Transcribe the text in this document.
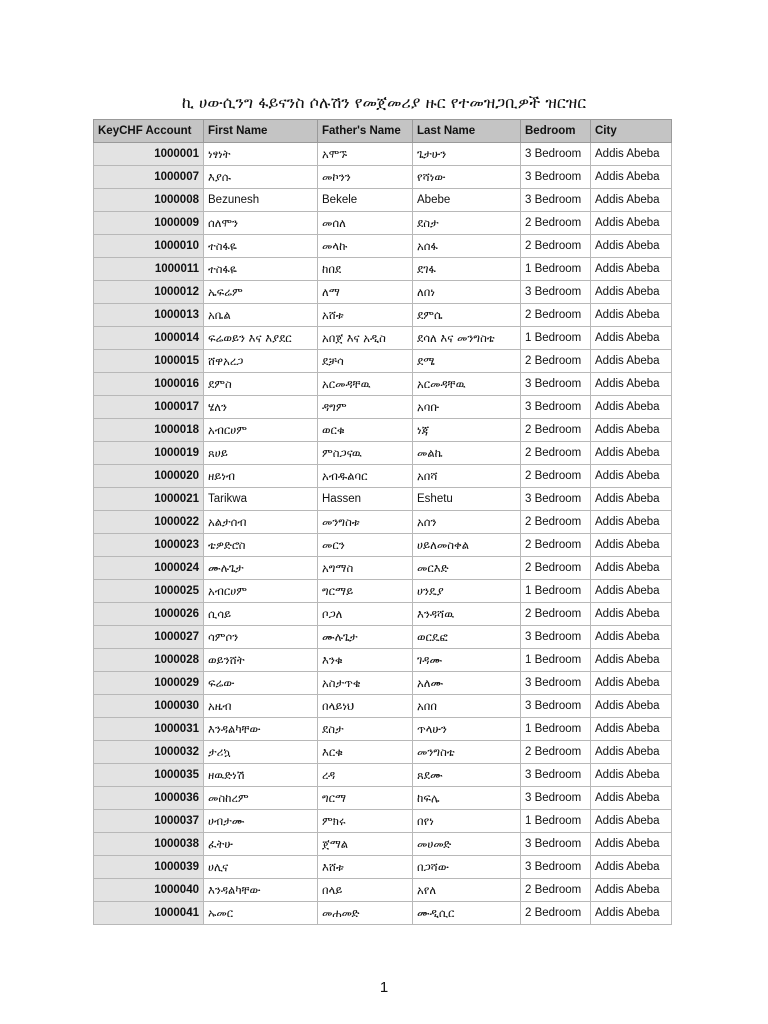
ኪ ሀውሲንግ ፋይናንስ ሶሉሽን የመጀመሪያ ዙር የተመዝጋቢዎች ዝርዝር
KeyCHF Account	First Name	Father's Name	Last Name	Bedroom	City
1000001	ነፃነት	አሞኙ	ጌታሁን	3 Bedroom	Addis Abeba
1000007	እያሱ	መኮንን	የሻነው	3 Bedroom	Addis Abeba
1000008	Bezunesh	Bekele	Abebe	3 Bedroom	Addis Abeba
1000009	ሰለሞን	መሰለ	ደስታ	2 Bedroom	Addis Abeba
1000010	ተስፋዬ	መላኩ	አሰፋ	2 Bedroom	Addis Abeba
1000011	ተስፋዬ	ከበደ	ደገፋ	1 Bedroom	Addis Abeba
1000012	ኤፍሬም	ለማ	ለበነ	3 Bedroom	Addis Abeba
1000013	አቤል	አሸቱ	ደምሴ	2 Bedroom	Addis Abeba
1000014	ፍሬወይን እና እያደር	አበጀ እና አዲስ	ደሳለ እና መንግስቴ	1 Bedroom	Addis Abeba
1000015	ሸዋአረጋ	ደቻሳ	ደሜ	2 Bedroom	Addis Abeba
1000016	ደምስ	አርመዳቸዉ	አርመዳቸዉ	3 Bedroom	Addis Abeba
1000017	ሄለን	ዳግም	አባቡ	3 Bedroom	Addis Abeba
1000018	አብርሀም	ወርቁ	ነጃ	2 Bedroom	Addis Abeba
1000019	ጸሀይ	ምስጋናዉ	መልኬ	2 Bedroom	Addis Abeba
1000020	ዘይነብ	አብዱልባር	አበሻ	2 Bedroom	Addis Abeba
1000021	Tarikwa	Hassen	Eshetu	3 Bedroom	Addis Abeba
1000022	አልታሰብ	መንግስቱ	አሰን	2 Bedroom	Addis Abeba
1000023	ቴዎድሮስ	መርን	ሀይለመስቀል	2 Bedroom	Addis Abeba
1000024	ሙሉጌታ	አግማስ	መርእድ	2 Bedroom	Addis Abeba
1000025	አብርሀም	ግርማይ	ሀንዴያ	1 Bedroom	Addis Abeba
1000026	ሲሳይ	ቦጋለ	እንዳሻዉ	2 Bedroom	Addis Abeba
1000027	ሳምሶን	ሙሉጌታ	ወርዴፎ	3 Bedroom	Addis Abeba
1000028	ወይንሸት	እንቁ	ገዳሙ	1 Bedroom	Addis Abeba
1000029	ፍሬው	አስታጥቄ	አለሙ	3 Bedroom	Addis Abeba
1000030	አዜብ	በላይነህ	አበበ	3 Bedroom	Addis Abeba
1000031	እንዳልካቸው	ደስታ	ጥላሁን	1 Bedroom	Addis Abeba
1000032	ታሪኳ	እርቁ	መንግስቴ	2 Bedroom	Addis Abeba
1000035	ዘዉድነሽ	ረዳ	ጸደሙ	3 Bedroom	Addis Abeba
1000036	መስከረም	ግርማ	ከፍሌ	3 Bedroom	Addis Abeba
1000037	ሀብታሙ	ምክሩ	በየነ	1 Bedroom	Addis Abeba
1000038	ፈትሁ	ጀማል	መሀመድ	3 Bedroom	Addis Abeba
1000039	ሀሊና	እሸቱ	በጋሻው	3 Bedroom	Addis Abeba
1000040	እንዳልካቸው	በላይ	አየለ	2 Bedroom	Addis Abeba
1000041	ኡመር	መሐመድ	ሙዲሲር	2 Bedroom	Addis Abeba
1
